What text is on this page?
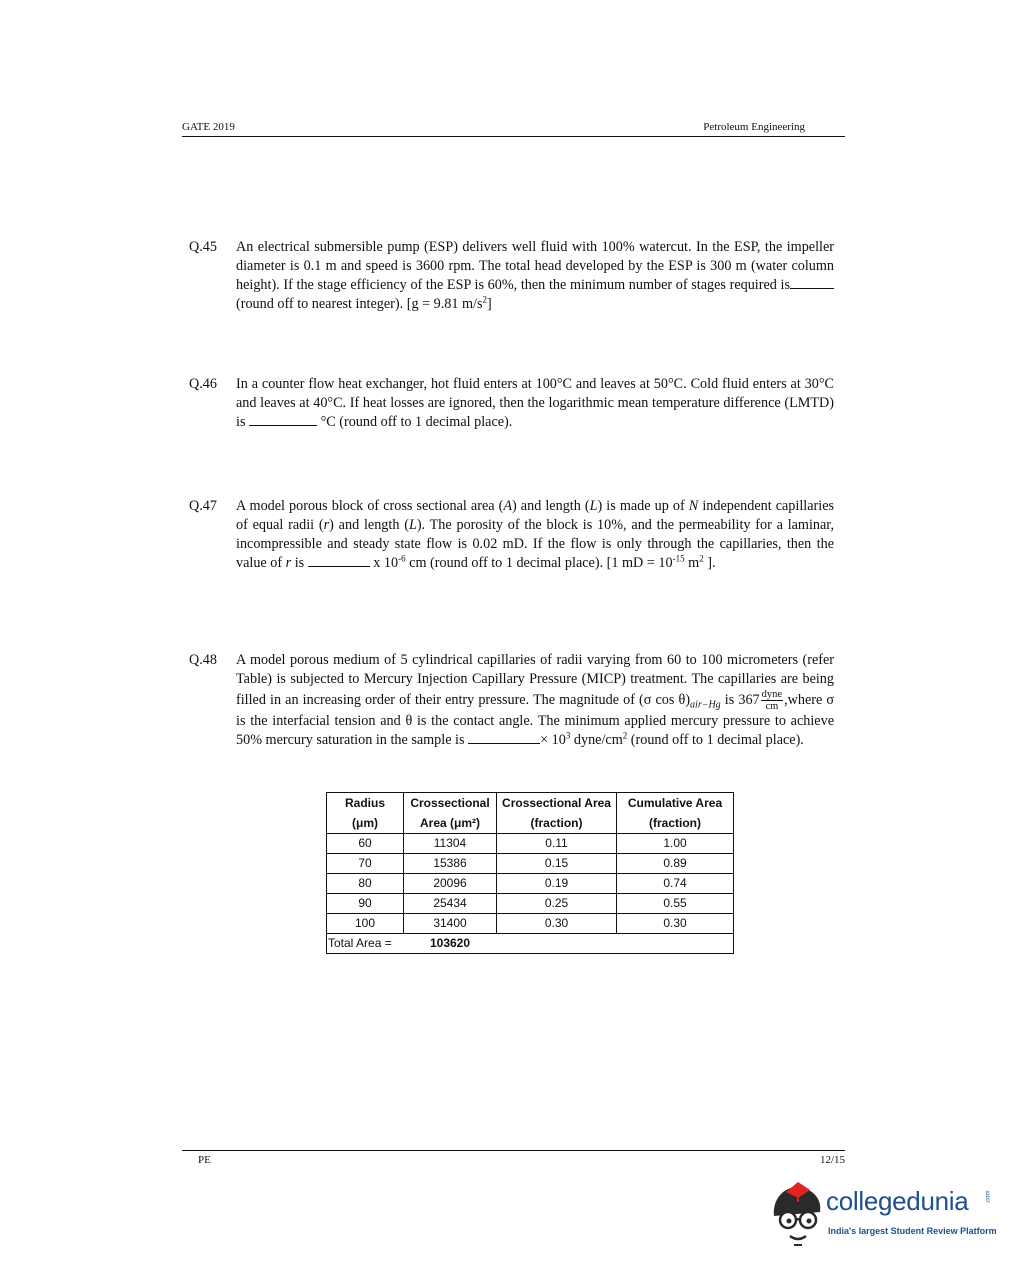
GATE 2019	Petroleum Engineering
Q.45 An electrical submersible pump (ESP) delivers well fluid with 100% watercut. In the ESP, the impeller diameter is 0.1 m and speed is 3600 rpm. The total head developed by the ESP is 300 m (water column height). If the stage efficiency of the ESP is 60%, then the minimum number of stages required is (round off to nearest integer). [g = 9.81 $m/s^2$]
Q.46 In a counter flow heat exchanger, hot fluid enters at 100°C and leaves at 50°C. Cold fluid enters at 30°C and leaves at 40°C. If heat losses are ignored, then the logarithmic mean temperature difference (LMTD) is	°C (round off to 1 decimal place).
Q.47 A model porous block of cross sectional area (A) and length (L) is made up of N independent capillaries of equal radii (r) and length (L). The porosity of the block is 10%, and the permeability for a laminar, incompressible and steady state flow is 0.02 mD. If the flow is only through the capillaries, then the value of r is	x $10^{-6}$ cm (round off to 1 decimal place). [1 mD = $10^{-15}$ $m^2$ ].
Q.48 A model porous medium of 5 cylindrical capillaries of radii varying from 60 to 100 micrometers (refer Table) is subjected to Mercury Injection Capillary Pressure (MICP) treatment. The capillaries are being filled in an increasing order of their entry pressure. The magnitude of (σ $\cos \theta)_{air-Hg}$ is $367 \frac{\text{dyne}}{cm}$ ,where σ is the interfacial tension and θ is the contact angle. The minimum applied mercury pressure to achieve 50% mercury saturation in the sample is	× $10^3$ dyne/$cm^2$ (round off to 1 decimal place).
Radius	Crossectional	Crossectional Area	Cumulative Area
(μm)	Area (μm²)	(fraction)	(fraction)
60	11304	0.11	1.00
70	15386	0.15	0.89
80	20096	0.19	0.74
90	25434	0.25	0.55
100	31400	0.30	0.30
Total Area =	103620		
PE	12/15
collegedunia	.com
India's largest Student Review Platform
